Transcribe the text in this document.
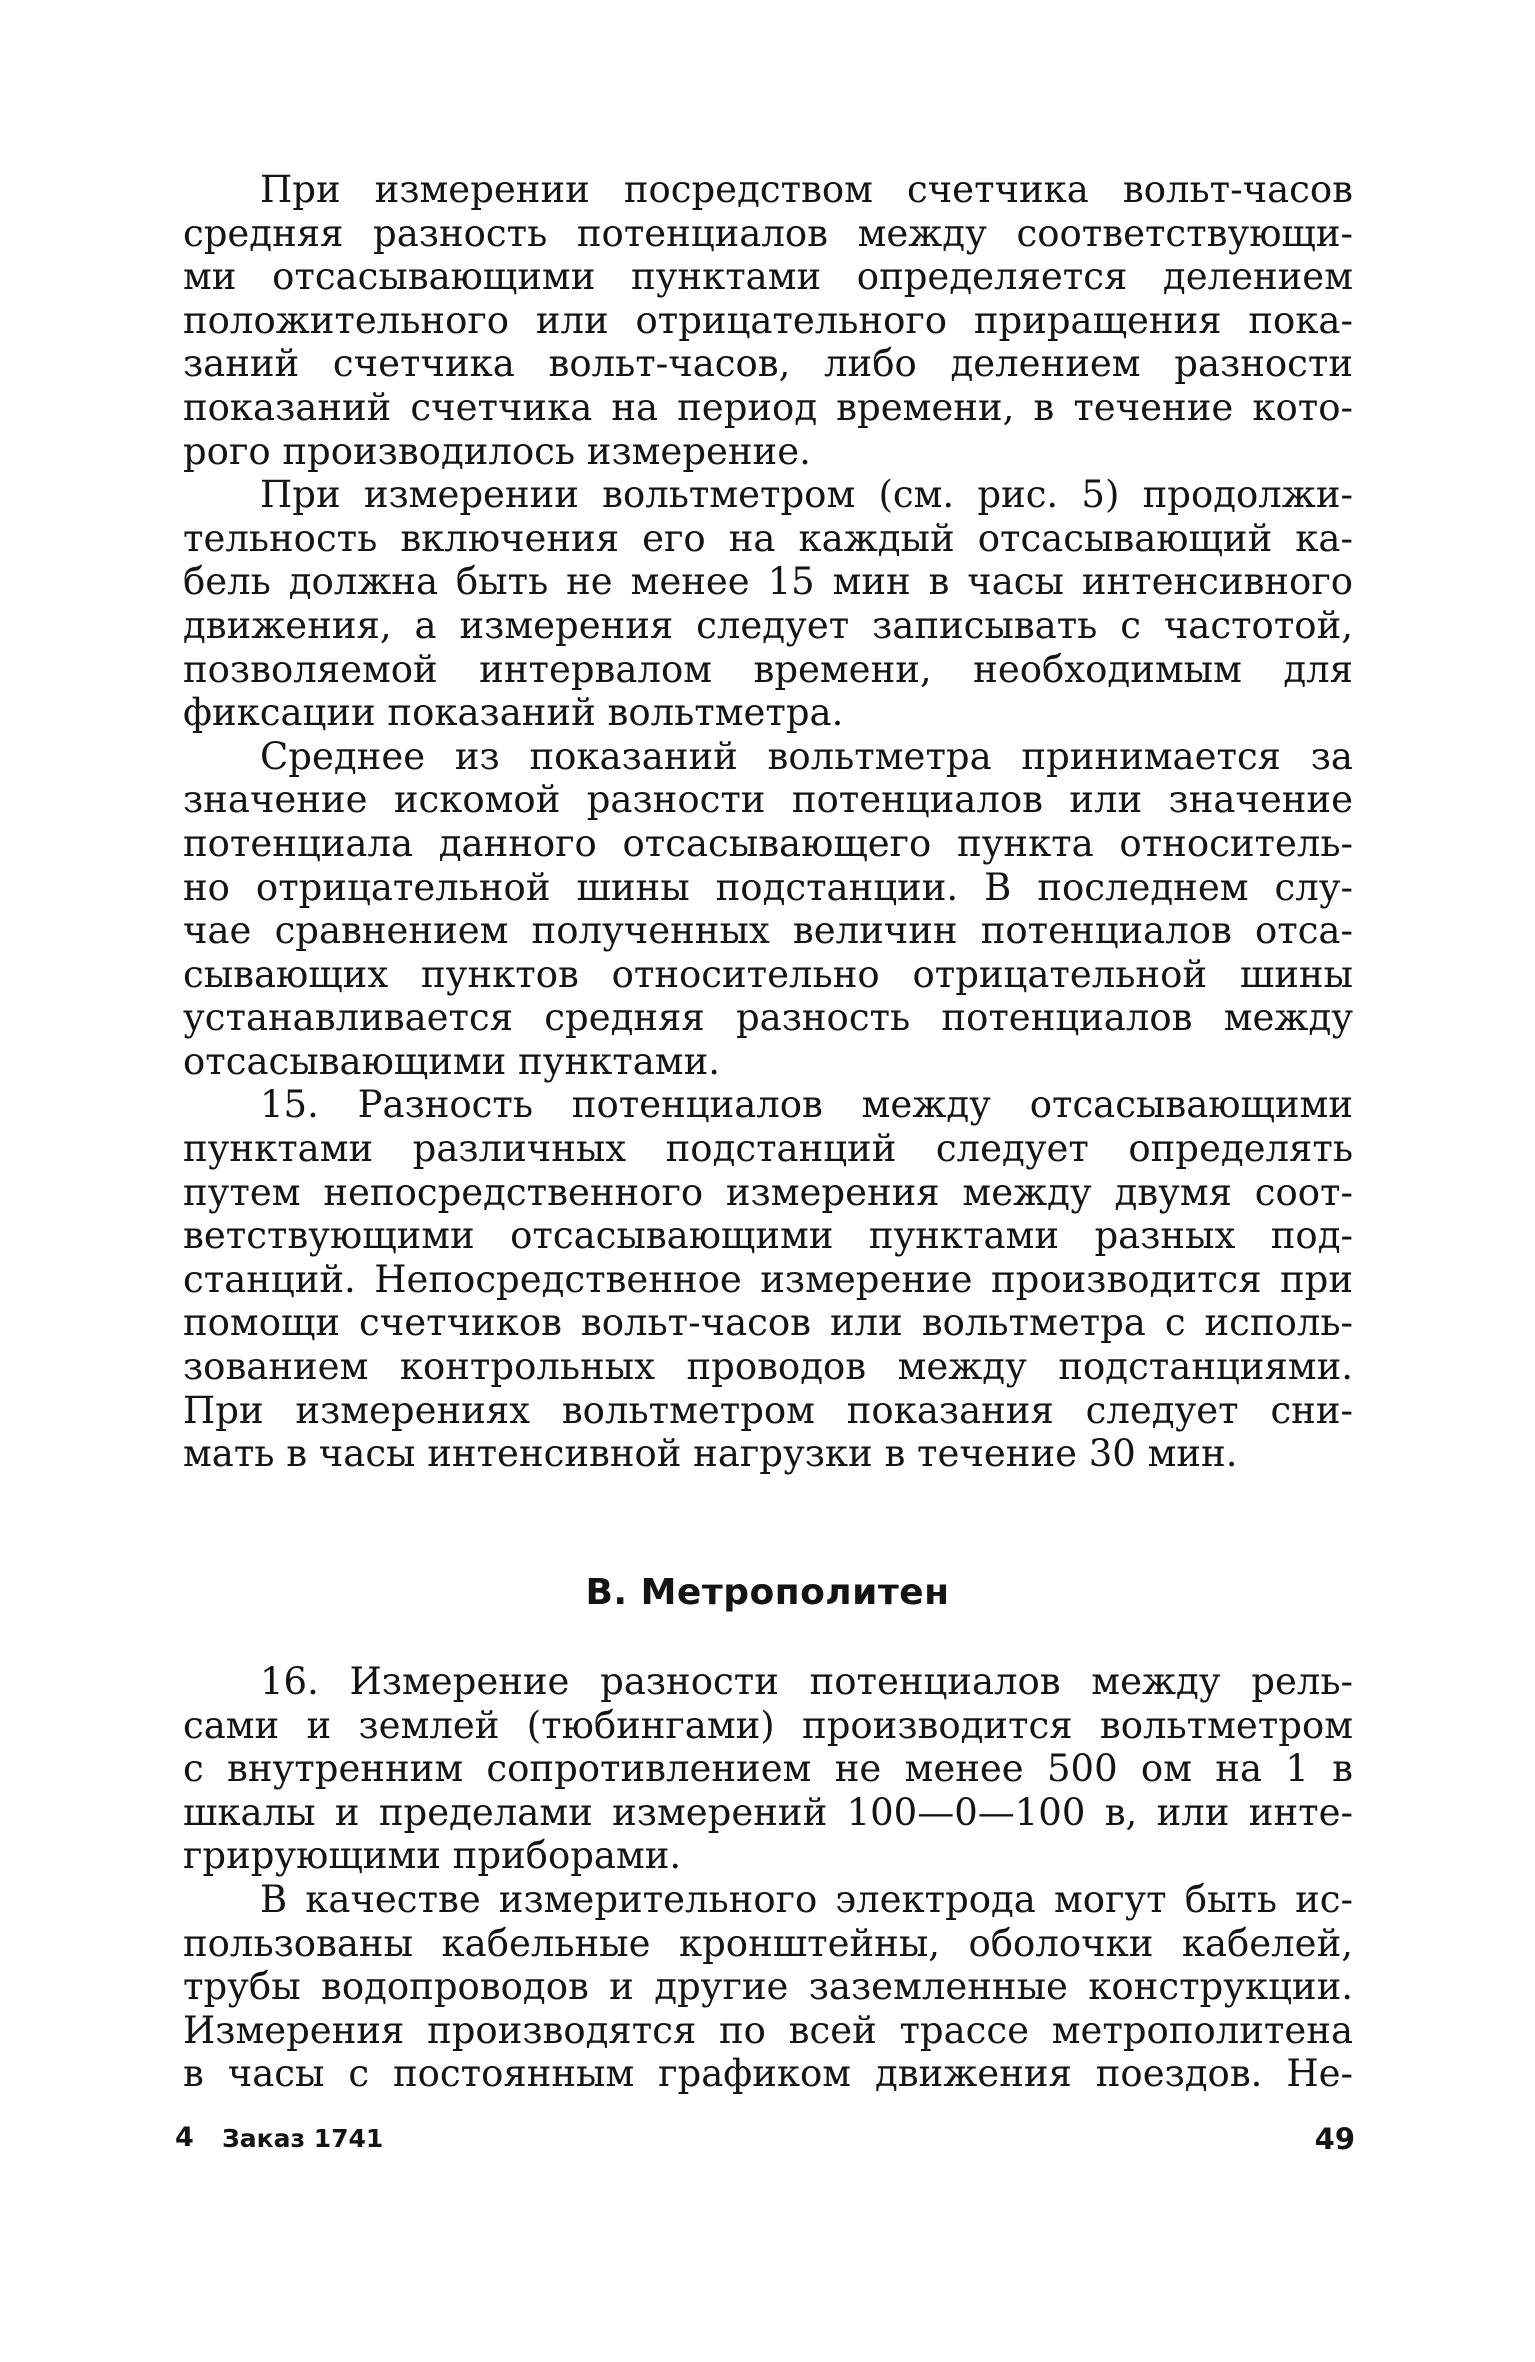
При измерении посредством счетчика вольт-часов
средняя разность потенциалов между соответствующи-
ми отсасывающими пунктами определяется делением
положительного или отрицательного приращения пока-
заний счетчика вольт-часов, либо делением разности
показаний счетчика на период времени, в течение кото-
рого производилось измерение.

При измерении вольтметром (см. рис. 5) продолжи-
тельность включения его на каждый отсасывающий ка-
бель должна быть не менее 15 мин в часы интенсивного
движения, а измерения следует записывать с частотой,
позволяемой интервалом времени, необходимым для
фиксации показаний вольтметра.

Среднее из показаний вольтметра принимается за
значение искомой разности потенциалов или значение
потенциала данного отсасывающего пункта относитель-
но отрицательной шины подстанции. В последнем слу-
чае сравнением полученных величин потенциалов отса-
сывающих пунктов относительно отрицательной шины
устанавливается средняя разность потенциалов между
отсасывающими пунктами.

15. Разность потенциалов между отсасывающими
пунктами различных подстанций следует определять
путем непосредственного измерения между двумя соот-
ветствующими отсасывающими пунктами разных под-
станций. Непосредственное измерение производится при
помощи счетчиков вольт-часов или вольтметра с исполь-
зованием контрольных проводов между подстанциями.
При измерениях вольтметром показания следует сни-
мать в часы интенсивной нагрузки в течение 30 мин.

В. Метрополитен

16. Измерение разности потенциалов между рель-
сами и землей (тюбингами) производится вольтметром
с внутренним сопротивлением не менее 500 ом на 1 в
шкалы и пределами измерений 100—0—100 в, или инте-
грирующими приборами.

В качестве измерительного электрода могут быть ис-
пользованы кабельные кронштейны, оболочки кабелей,
трубы водопроводов и другие заземленные конструкции.
Измерения производятся по всей трассе метрополитена
в часы с постоянным графиком движения поездов. Не-

4 Заказ 1741	49
